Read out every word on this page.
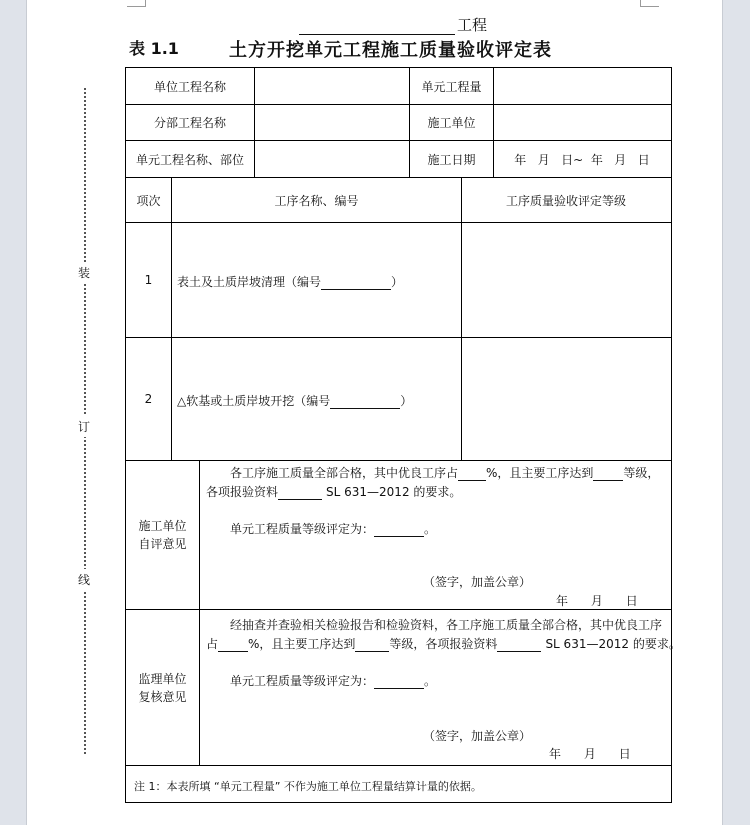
装
订
线
工程
表 1.1	土方开挖单元工程施工质量验收评定表
单位工程名称	单元工程量
分部工程名称	施工单位
单元工程名称、部位	施工日期	年   月   日~  年   月   日
项次	工序名称、编号	工序质量验收评定等级
1	表土及土质岸坡清理（编号	）
2	△软基或土质岸坡开挖（编号	）
施工单位
自评意见
各工序施工质量全部合格，其中优良工序占 %，且主要工序达到	等级，
各项报验资料	SL 631—2012 的要求。
单元工程质量等级评定为：	。
（签字，加盖公章）
年      月      日
监理单位
复核意见
经抽查并查验相关检验报告和检验资料，各工序施工质量全部合格，其中优良工序
占	%，且主要工序达到	等级，各项报验资料	SL 631—2012 的要求。
单元工程质量等级评定为：	。
（签字，加盖公章）
年      月      日
注 1：本表所填 “单元工程量” 不作为施工单位工程量结算计量的依据。
